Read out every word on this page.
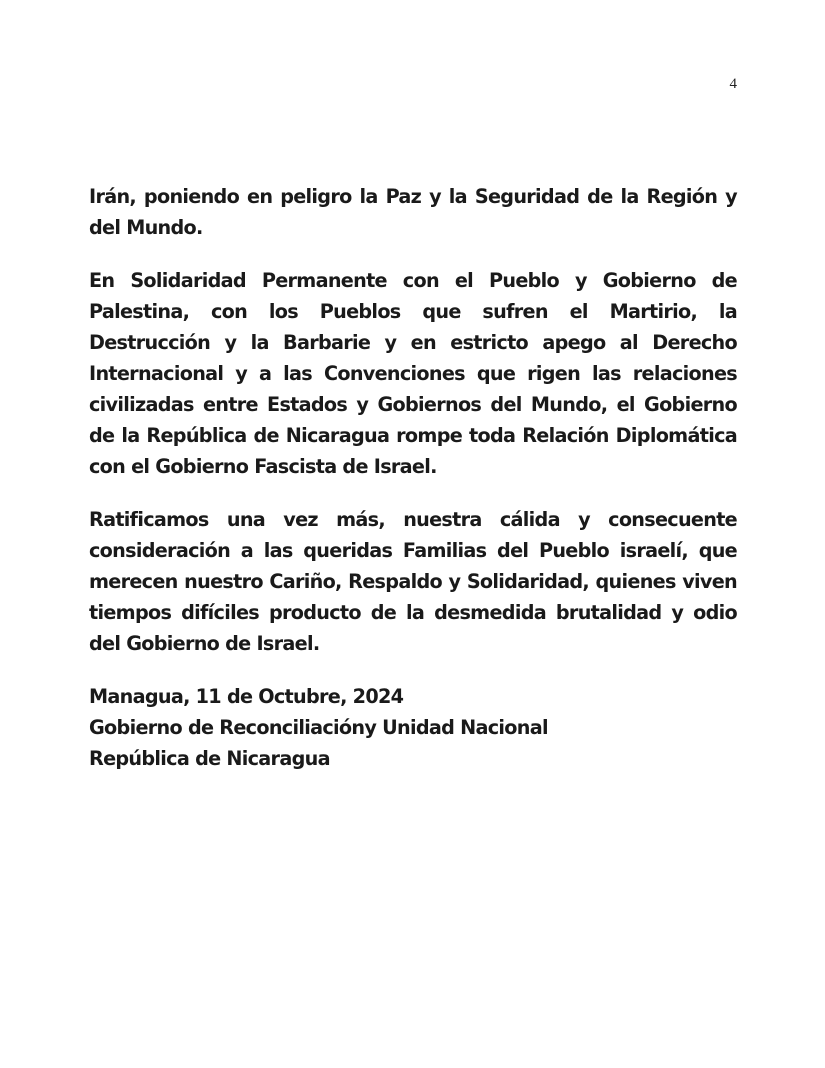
4

Irán, poniendo en peligro la Paz y la Seguridad de la Región y del Mundo.

En Solidaridad Permanente con el Pueblo y Gobierno de Palestina, con los Pueblos que sufren el Martirio, la Destrucción y la Barbarie y en estricto apego al Derecho Internacional y a las Convenciones que rigen las relaciones civilizadas entre Estados y Gobiernos del Mundo, el Gobierno de la República de Nicaragua rompe toda Relación Diplomática con el Gobierno Fascista de Israel.

Ratificamos una vez más, nuestra cálida y consecuente consideración a las queridas Familias del Pueblo israelí, que merecen nuestro Cariño, Respaldo y Solidaridad, quienes viven tiempos difíciles producto de la desmedida brutalidad y odio del Gobierno de Israel.

Managua, 11 de Octubre, 2024
Gobierno de Reconciliacióny Unidad Nacional
República de Nicaragua
